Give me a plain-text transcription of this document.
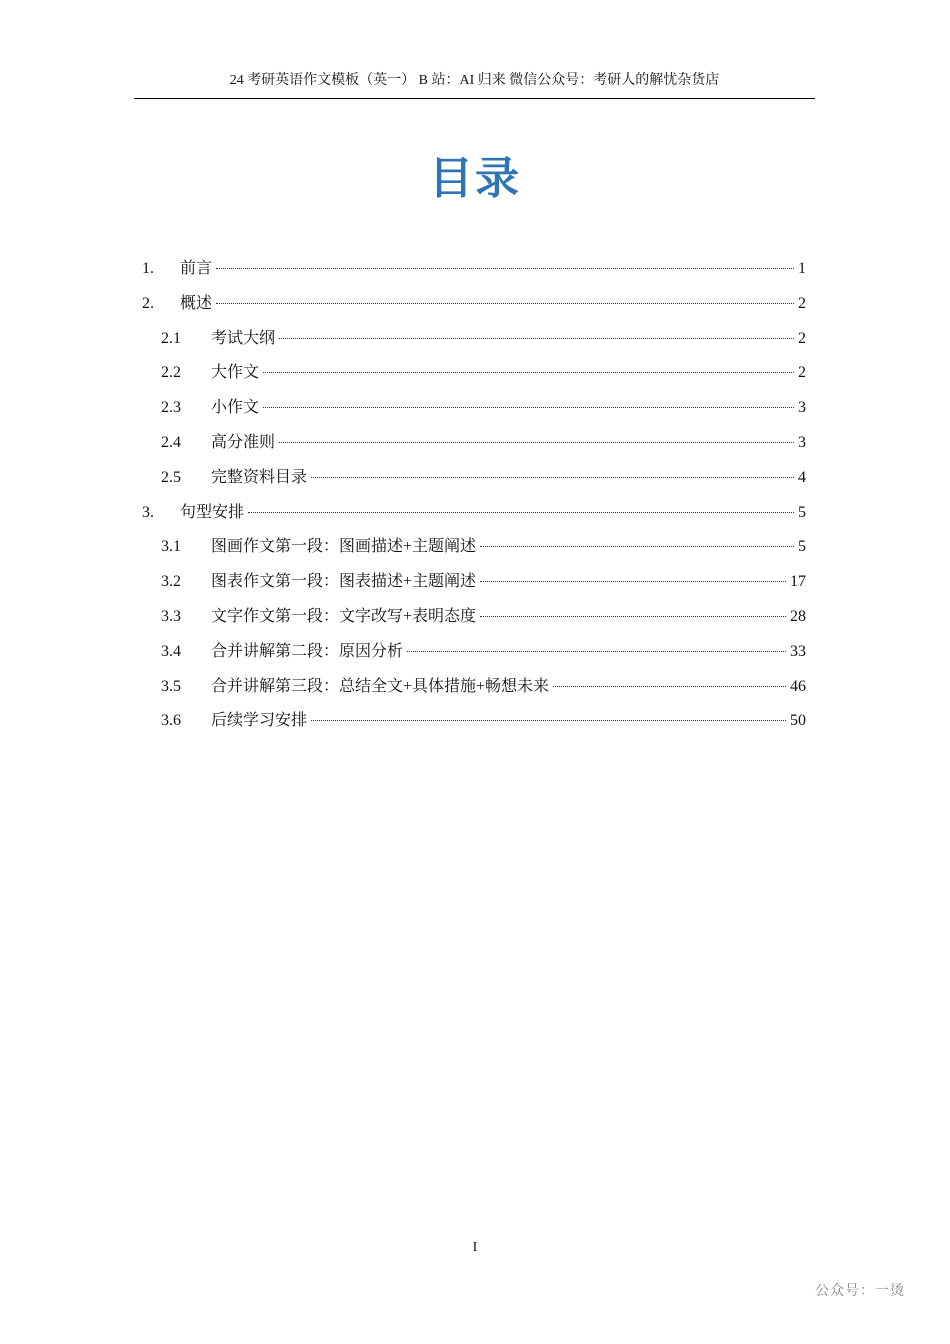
24 考研英语作文模板（英一） B 站：AI 归来 微信公众号：考研人的解忧杂货店
目录
1.	前言	1
2.	概述	2
2.1	考试大纲	2
2.2	大作文	2
2.3	小作文	3
2.4	高分准则	3
2.5	完整资料目录	4
3.	句型安排	5
3.1	图画作文第一段：图画描述+主题阐述	5
3.2	图表作文第一段：图表描述+主题阐述	17
3.3	文字作文第一段：文字改写+表明态度	28
3.4	合并讲解第二段：原因分析	33
3.5	合并讲解第三段：总结全文+具体措施+畅想未来	46
3.6	后续学习安排	50
I
公众号：一烫
